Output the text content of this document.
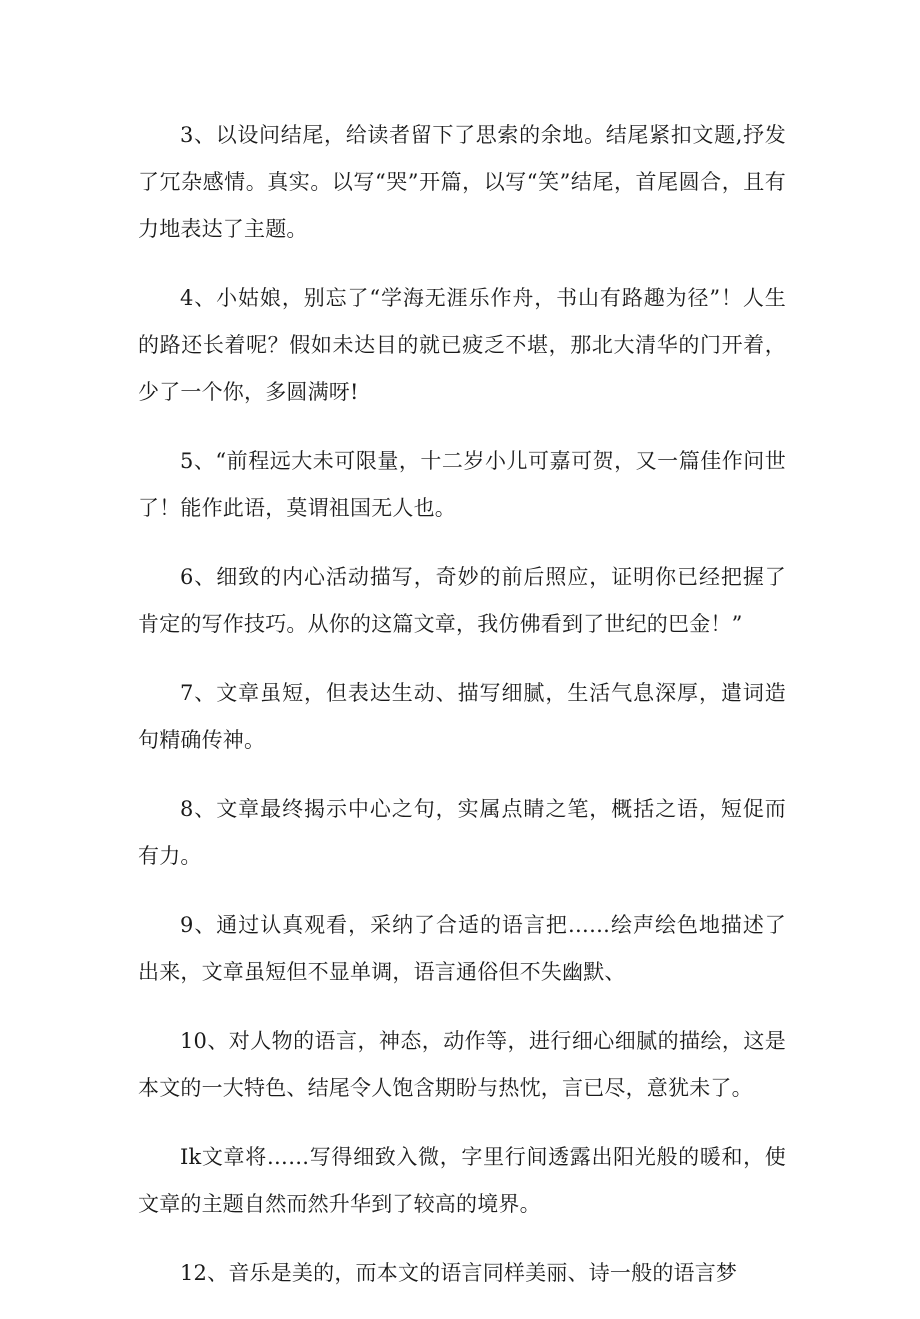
3、以设问结尾，给读者留下了思索的余地。结尾紧扣文题,抒发了冗杂感情。真实。以写“哭”开篇，以写“笑”结尾，首尾圆合，且有力地表达了主题。

4、小姑娘，别忘了“学海无涯乐作舟，书山有路趣为径”！人生的路还长着呢？假如未达目的就已疲乏不堪，那北大清华的门开着，少了一个你，多圆满呀!

5、“前程远大未可限量，十二岁小儿可嘉可贺，又一篇佳作问世了！能作此语，莫谓祖国无人也。

6、细致的内心活动描写，奇妙的前后照应，证明你已经把握了肯定的写作技巧。从你的这篇文章，我仿佛看到了世纪的巴金！”

7、文章虽短，但表达生动、描写细腻，生活气息深厚，遣词造句精确传神。

8、文章最终揭示中心之句，实属点睛之笔，概括之语，短促而有力。

9、通过认真观看，采纳了合适的语言把……绘声绘色地描述了出来，文章虽短但不显单调，语言通俗但不失幽默、

10、对人物的语言，神态，动作等，进行细心细腻的描绘，这是本文的一大特色、结尾令人饱含期盼与热忱，言已尽，意犹未了。

Ik文章将……写得细致入微，字里行间透露出阳光般的暖和，使文章的主题自然而然升华到了较高的境界。

12、音乐是美的，而本文的语言同样美丽、诗一般的语言梦
